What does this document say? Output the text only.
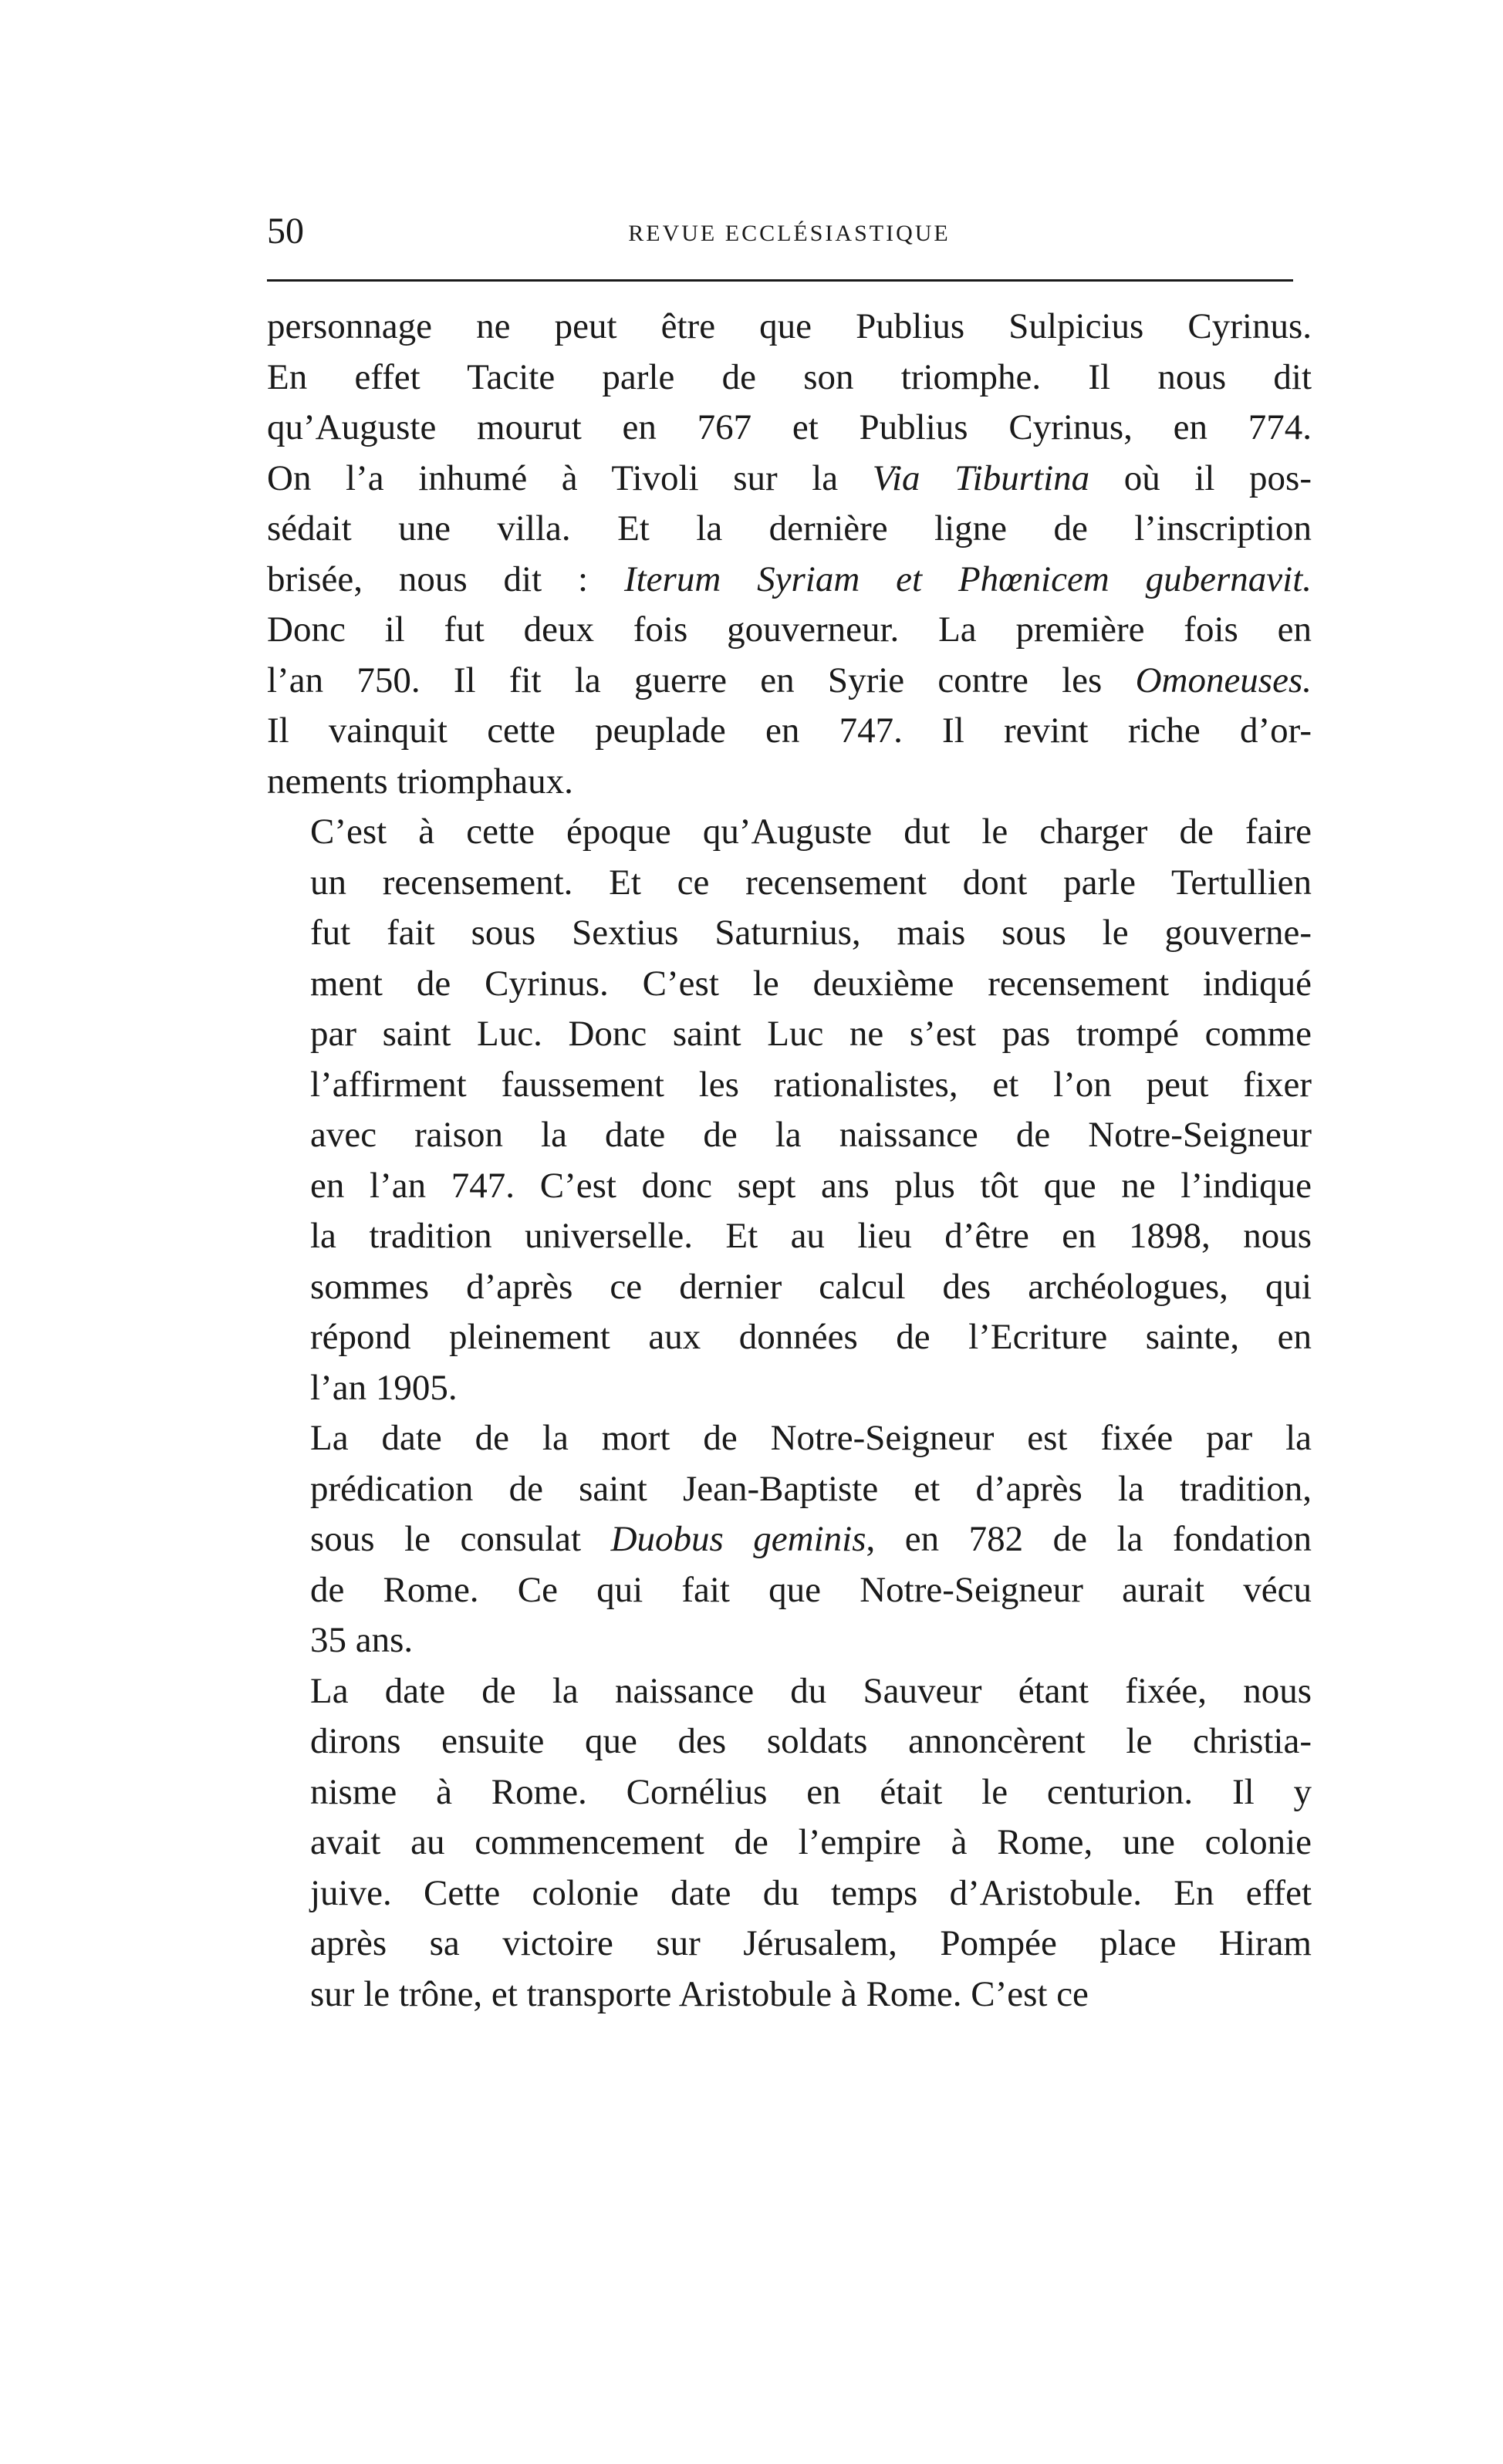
50	REVUE ECCLÉSIASTIQUE

personnage ne peut être que Publius Sulpicius Cyrinus.
En effet Tacite parle de son triomphe. Il nous dit
qu’Auguste mourut en 767 et Publius Cyrinus, en 774.
On l’a inhumé à Tivoli sur la Via Tiburtina où il pos-
sédait une villa. Et la dernière ligne de l’inscription
brisée, nous dit : Iterum Syriam et Phœnicem gubernavit.
Donc il fut deux fois gouverneur. La première fois en
l’an 750. Il fit la guerre en Syrie contre les Omoneuses.
Il vainquit cette peuplade en 747. Il revint riche d’or-
nements triomphaux.

C’est à cette époque qu’Auguste dut le charger de faire
un recensement. Et ce recensement dont parle Tertullien
fut fait sous Sextius Saturnius, mais sous le gouverne-
ment de Cyrinus. C’est le deuxième recensement indiqué
par saint Luc. Donc saint Luc ne s’est pas trompé comme
l’affirment faussement les rationalistes, et l’on peut fixer
avec raison la date de la naissance de Notre-Seigneur
en l’an 747. C’est donc sept ans plus tôt que ne l’indique
la tradition universelle. Et au lieu d’être en 1898, nous
sommes d’après ce dernier calcul des archéologues, qui
répond pleinement aux données de l’Ecriture sainte, en
l’an 1905.

La date de la mort de Notre-Seigneur est fixée par la
prédication de saint Jean-Baptiste et d’après la tradition,
sous le consulat Duobus geminis, en 782 de la fondation
de Rome. Ce qui fait que Notre-Seigneur aurait vécu
35 ans.

La date de la naissance du Sauveur étant fixée, nous
dirons ensuite que des soldats annoncèrent le christia-
nisme à Rome. Cornélius en était le centurion. Il y
avait au commencement de l’empire à Rome, une colonie
juive. Cette colonie date du temps d’Aristobule. En effet
après sa victoire sur Jérusalem, Pompée place Hiram
sur le trône, et transporte Aristobule à Rome. C’est ce
